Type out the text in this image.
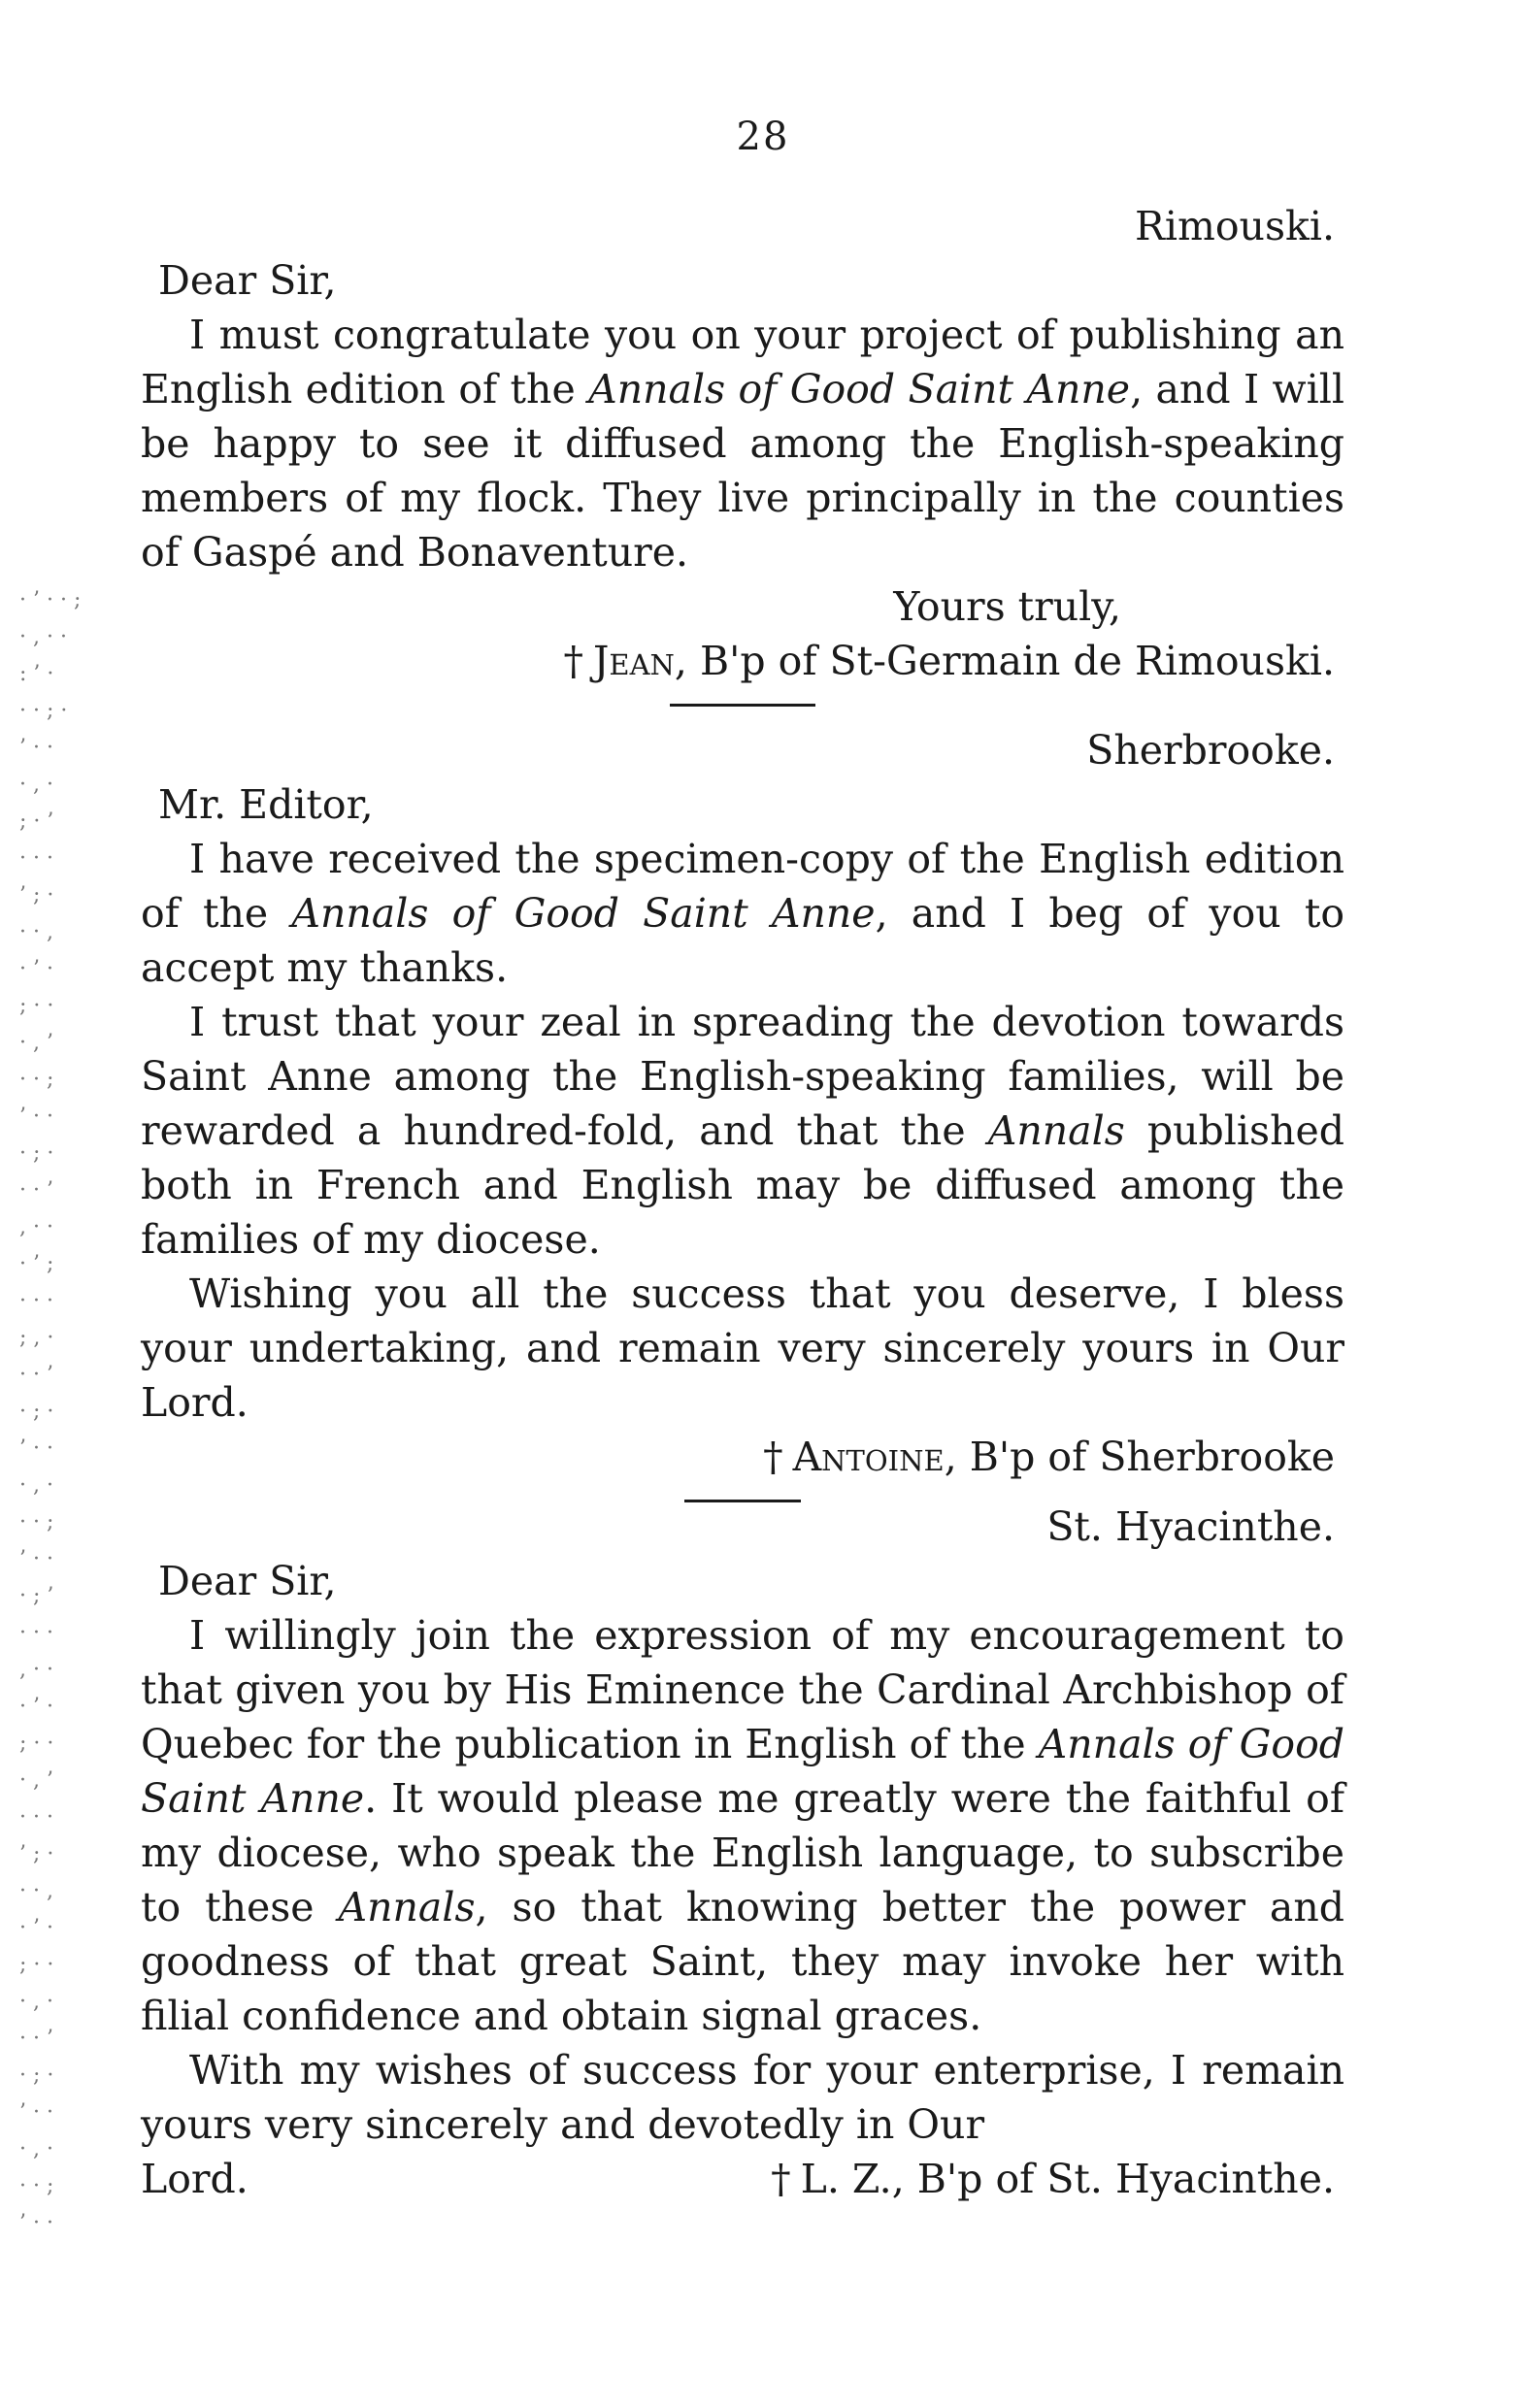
28
· ’ · · ;
· , · ·
: ’ ·
· · ; ·
’ · ·
· , ·
; · ’
· · ·
’ ; ·
· · ,
· ’ ·
; · ·
· , ’
· · ;
’ · ·
· ; ·
· · ’
, · ·
· ’ ;
· · ·
; , ·
· · ’
· ; ·
’ · ·
· , ·
· · ;
’ · ·
· ; ’
· · ·
, · ·
· ’ ·
; · ·
· , ’
· · ·
’ ; ·
· · ,
· ’ ·
; · ·
· , ·
· · ’
· ; ·
’ · ·
· , ·
· · ;
’ · ·

Rimouski.

Dear Sir,

I must congratulate you on your project of publishing an English edition of the Annals of Good Saint Anne, and I will be happy to see it diffused among the English-speaking members of my flock. They live principally in the counties of Gaspé and Bonaventure.

Yours truly,

† Jean, B'p of St-Germain de Rimouski.

Sherbrooke.

Mr. Editor,

I have received the specimen-copy of the English edition of the Annals of Good Saint Anne, and I beg of you to accept my thanks.

I trust that your zeal in spreading the devotion towards Saint Anne among the English-speaking families, will be rewarded a hundred-fold, and that the Annals published both in French and English may be diffused among the families of my diocese.

Wishing you all the success that you deserve, I bless your undertaking, and remain very sincerely yours in Our Lord.

† Antoine, B'p of Sherbrooke

St. Hyacinthe.

Dear Sir,

I willingly join the expression of my encouragement to that given you by His Eminence the Cardinal Archbishop of Quebec for the publication in English of the Annals of Good Saint Anne. It would please me greatly were the faithful of my diocese, who speak the English language, to subscribe to these Annals, so that knowing better the power and goodness of that great Saint, they may invoke her with filial confidence and obtain signal graces.

With my wishes of success for your enterprise, I remain yours very sincerely and devotedly in Our

Lord.	† L. Z., B'p of St. Hyacinthe.
